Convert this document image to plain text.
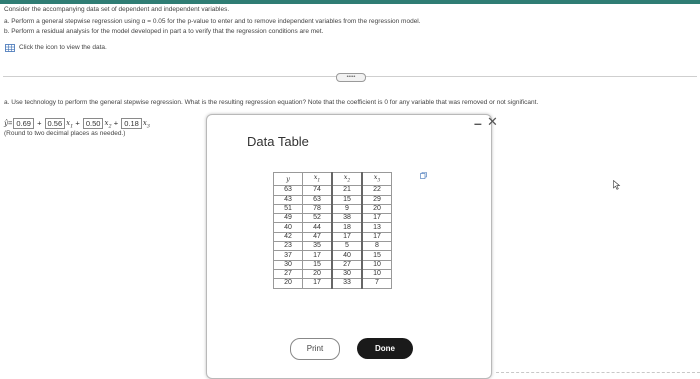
Consider the accompanying data set of dependent and independent variables.
a. Perform a general stepwise regression using α = 0.05 for the p-value to enter and to remove independent variables from the regression model.
b. Perform a residual analysis for the model developed in part a to verify that the regression conditions are met.
Click the icon to view the data.
•••••
a. Use technology to perform the general stepwise regression. What is the resulting regression equation? Note that the coefficient is 0 for any variable that was removed or not significant.
ŷ= 0.69 + 0.56 $x_1 + 0.50$ $x_2 + 0.18$ $x_3$
(Round to two decimal places as needed.)
Data Table
– ✕
y	$x_1$	$x_2$	$x_3$
63	74	21	22
43	63	15	29
51	78	9	20
49	52	38	17
40	44	18	13
42	47	17	17
23	35	5	8
37	17	40	15
30	15	27	10
27	20	30	10
20	17	33	7
Print	Done
